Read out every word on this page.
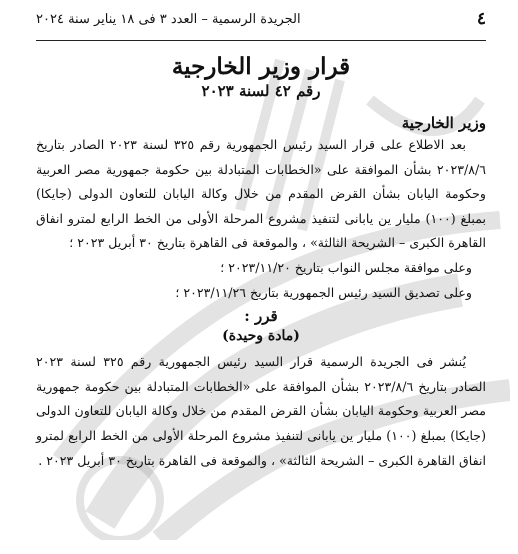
٤
الجريدة الرسمية – العدد ٣ فى ١٨ يناير سنة ٢٠٢٤
قرار وزير الخارجية
رقم ٤٢ لسنة ٢٠٢٣
وزير الخارجية

بعد الاطلاع على قرار السيد رئيس الجمهورية رقم ٣٢٥ لسنة ٢٠٢٣ الصادر بتاريخ ٢٠٢٣/٨/٦ بشأن الموافقة على «الخطابات المتبادلة بين حكومة جمهورية مصر العربية وحكومة اليابان بشأن القرض المقدم من خلال وكالة اليابان للتعاون الدولى (جايكا) بمبلغ (١٠٠) مليار ين يابانى لتنفيذ مشروع المرحلة الأولى من الخط الرابع لمترو انفاق القاهرة الكبرى – الشريحة الثالثة» ، والموقعة فى القاهرة بتاريخ ٣٠ أبريل ٢٠٢٣ ؛

وعلى موافقة مجلس النواب بتاريخ ٢٠٢٣/١١/٢٠ ؛

وعلى تصديق السيد رئيس الجمهورية بتاريخ ٢٠٢٣/١١/٢٦ ؛

قرر :
(مادة وحيدة)

يُنشر فى الجريدة الرسمية قرار السيد رئيس الجمهورية رقم ٣٢٥ لسنة ٢٠٢٣ الصادر بتاريخ ٢٠٢٣/٨/٦ بشأن الموافقة على «الخطابات المتبادلة بين حكومة جمهورية مصر العربية وحكومة اليابان بشأن القرض المقدم من خلال وكالة اليابان للتعاون الدولى (جايكا) بمبلغ (١٠٠) مليار ين يابانى لتنفيذ مشروع المرحلة الأولى من الخط الرابع لمترو انفاق القاهرة الكبرى – الشريحة الثالثة» ، والموقعة فى القاهرة بتاريخ ٣٠ أبريل ٢٠٢٣ .
